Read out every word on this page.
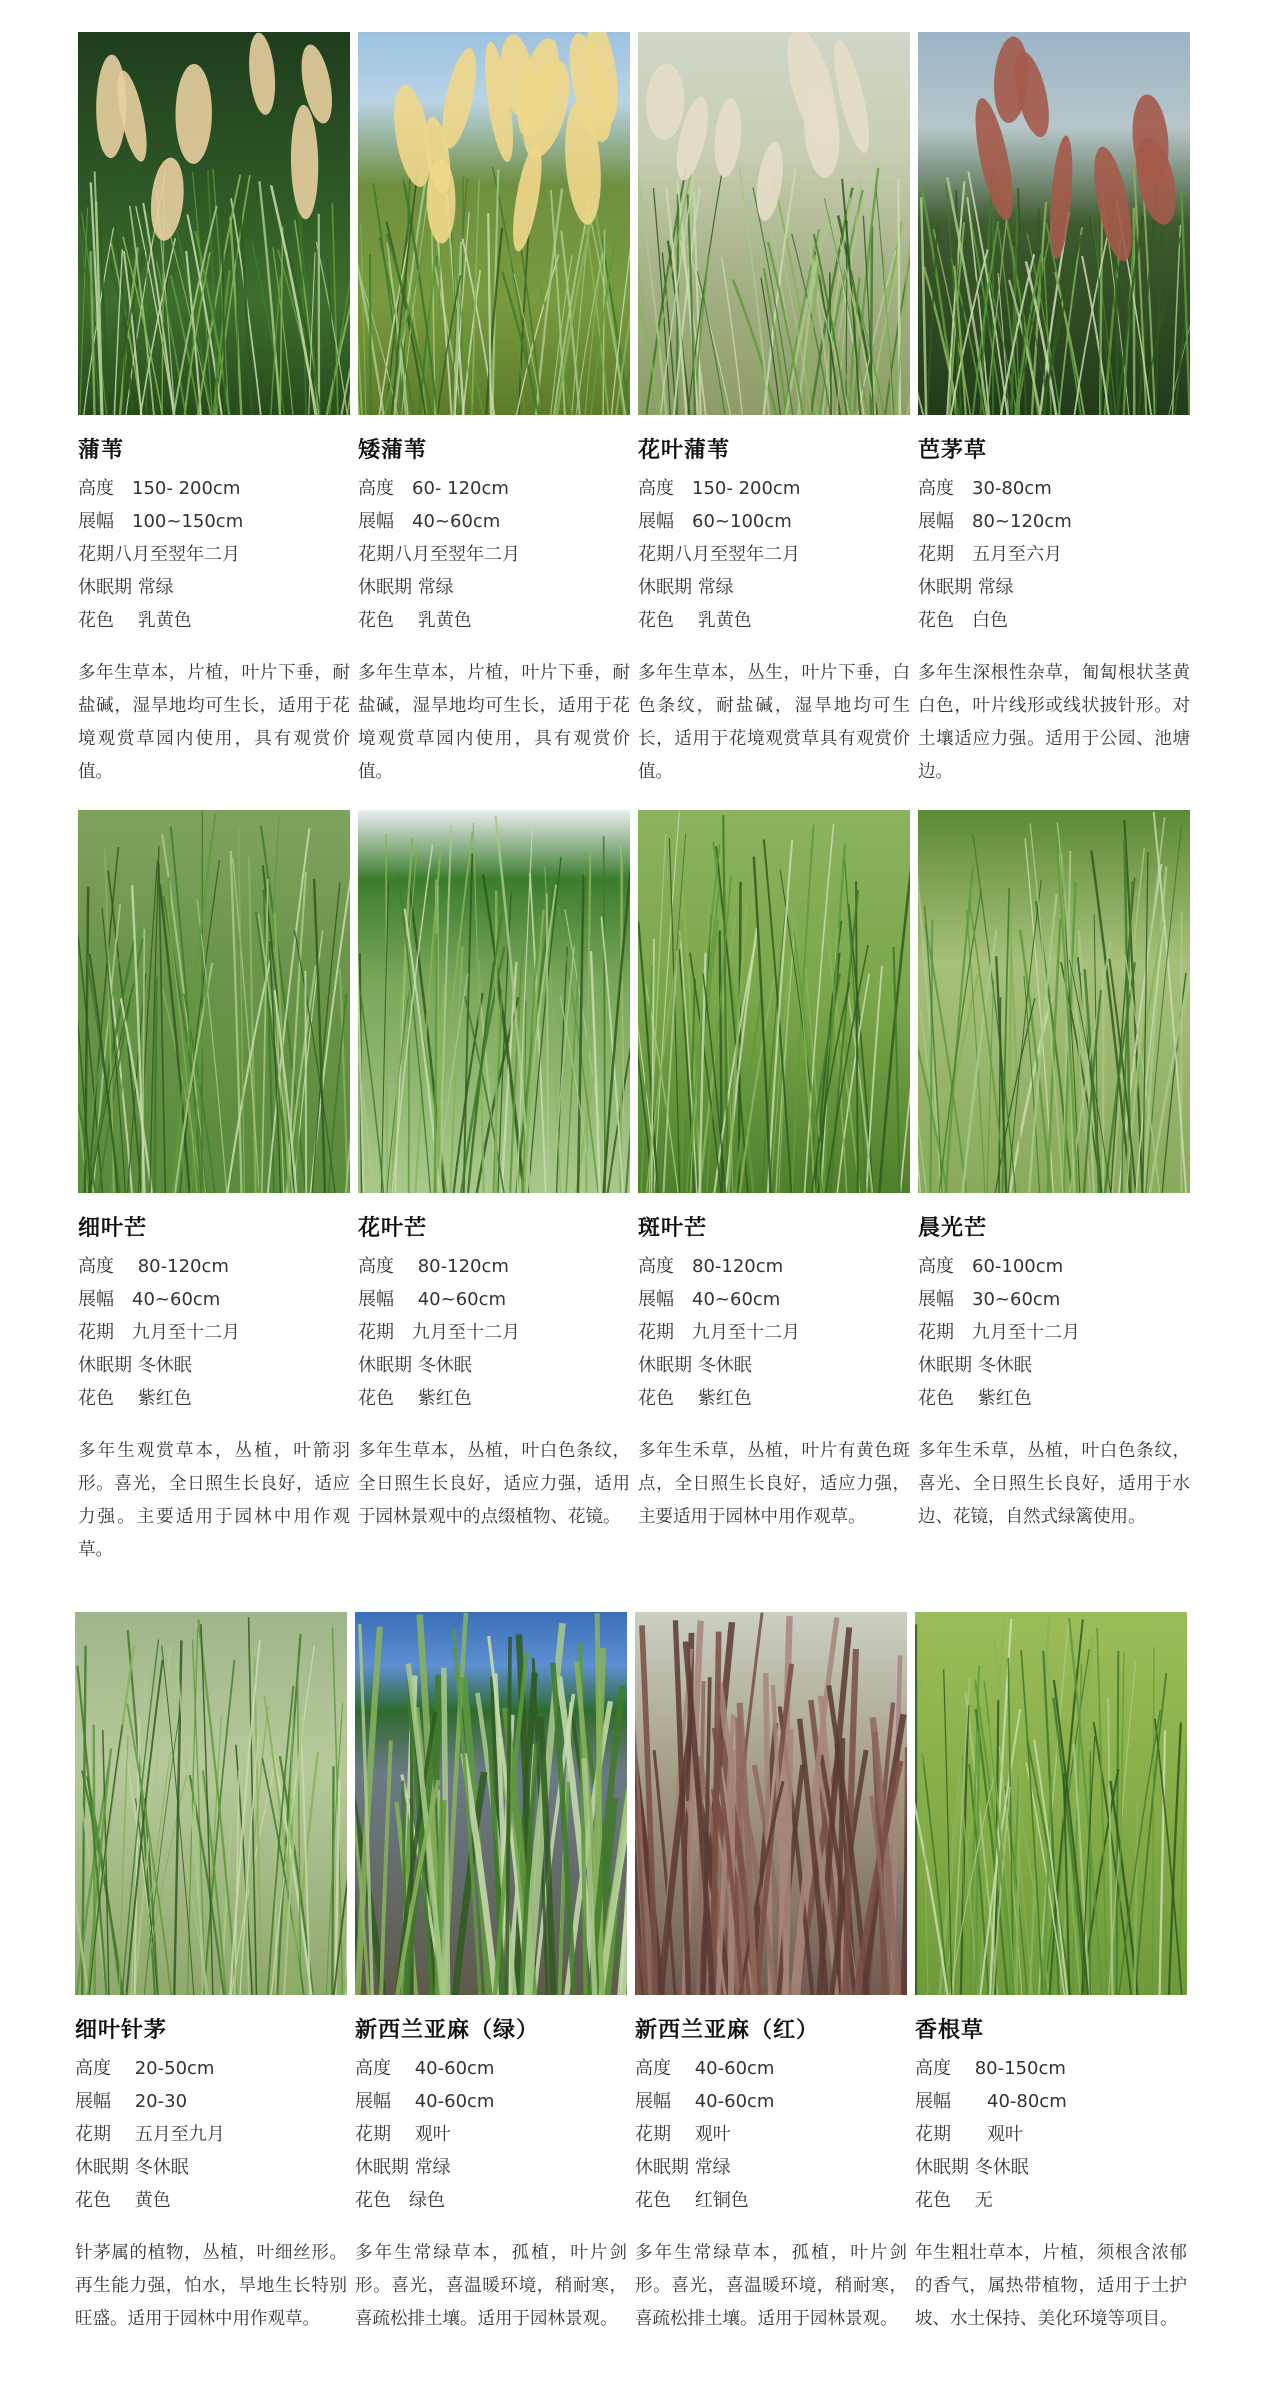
蒲苇
高度　150- 200cm
展幅　100~150cm
花期八月至翌年二月
休眠期 常绿
花色　 乳黄色
多年生草本，片植，叶片下垂，耐盐碱，湿旱地均可生长，适用于花境观赏草园内使用，具有观赏价值。
矮蒲苇
高度　60- 120cm
展幅　40~60cm
花期八月至翌年二月
休眠期 常绿
花色　 乳黄色
多年生草本，片植，叶片下垂，耐盐碱，湿旱地均可生长，适用于花境观赏草园内使用，具有观赏价值。
花叶蒲苇
高度　150- 200cm
展幅　60~100cm
花期八月至翌年二月
休眠期 常绿
花色　 乳黄色
多年生草本，丛生，叶片下垂，白色条纹，耐盐碱，湿旱地均可生长，适用于花境观赏草具有观赏价值。
芭茅草
高度　30-80cm
展幅　80~120cm
花期　五月至六月
休眠期 常绿
花色　白色
多年生深根性杂草，匍匐根状茎黄白色，叶片线形或线状披针形。对土壤适应力强。适用于公园、池塘边。
细叶芒
高度　 80-120cm
展幅　40~60cm
花期　九月至十二月
休眠期 冬休眠
花色　 紫红色
多年生观赏草本，丛植，叶箭羽形。喜光，全日照生长良好，适应力强。主要适用于园林中用作观草。
花叶芒
高度　 80-120cm
展幅　 40~60cm
花期　九月至十二月
休眠期 冬休眠
花色　 紫红色
多年生草本，丛植，叶白色条纹，全日照生长良好，适应力强，适用于园林景观中的点缀植物、花镜。
斑叶芒
高度　80-120cm
展幅　40~60cm
花期　九月至十二月
休眠期 冬休眠
花色　 紫红色
多年生禾草，丛植，叶片有黄色斑点，全日照生长良好，适应力强，主要适用于园林中用作观草。
晨光芒
高度　60-100cm
展幅　30~60cm
花期　九月至十二月
休眠期 冬休眠
花色　 紫红色
多年生禾草，丛植，叶白色条纹，喜光、全日照生长良好，适用于水边、花镜，自然式绿篱使用。
细叶针茅
高度　 20-50cm
展幅　 20-30
花期　 五月至九月
休眠期 冬休眠
花色　 黄色
针茅属的植物，丛植，叶细丝形。再生能力强，怕水，旱地生长特别旺盛。适用于园林中用作观草。
新西兰亚麻（绿）
高度　 40-60cm
展幅　 40-60cm
花期　 观叶
休眠期 常绿
花色　绿色
多年生常绿草本，孤植，叶片剑形。喜光，喜温暖环境，稍耐寒，喜疏松排土壤。适用于园林景观。
新西兰亚麻（红）
高度　 40-60cm
展幅　 40-60cm
花期　 观叶
休眠期 常绿
花色　 红铜色
多年生常绿草本，孤植，叶片剑形。喜光，喜温暖环境，稍耐寒，喜疏松排土壤。适用于园林景观。
香根草
高度　 80-150cm
展幅　　40-80cm
花期　　观叶
休眠期 冬休眠
花色　 无
年生粗壮草本，片植，须根含浓郁的香气，属热带植物，适用于土护坡、水土保持、美化环境等项目。
